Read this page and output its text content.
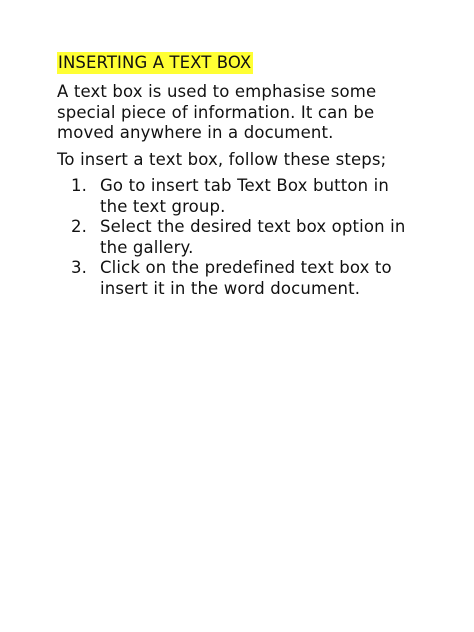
INSERTING A TEXT BOX

A text box is used to emphasise some special piece of information. It can be moved anywhere in a document.

To insert a text box, follow these steps;

1. Go to insert tab Text Box button in the text group.
2. Select the desired text box option in the gallery.
3. Click on the predefined text box to insert it in the word document.
